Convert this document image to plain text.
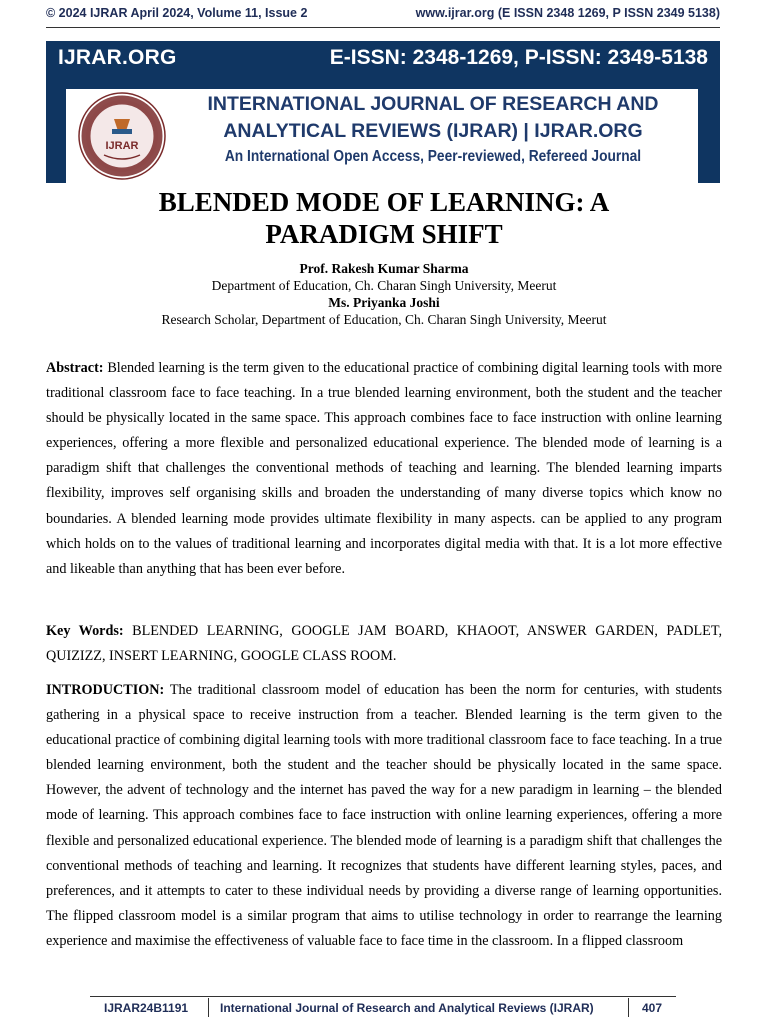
© 2024 IJRAR April 2024, Volume 11, Issue 2	www.ijrar.org (E ISSN 2348 1269, P ISSN 2349 5138)
IJRAR.ORG	E-ISSN: 2348-1269, P-ISSN: 2349-5138
IJRAR
INTERNATIONAL JOURNAL OF RESEARCH AND
ANALYTICAL REVIEWS (IJRAR) | IJRAR.ORG
An International Open Access, Peer-reviewed, Refereed Journal
BLENDED MODE OF LEARNING: A
PARADIGM SHIFT
Prof. Rakesh Kumar Sharma
Department of Education, Ch. Charan Singh University, Meerut
Ms. Priyanka Joshi
Research Scholar, Department of Education, Ch. Charan Singh University, Meerut
Abstract: Blended learning is the term given to the educational practice of combining digital learning tools with more traditional classroom face to face teaching. In a true blended learning environment, both the student and the teacher should be physically located in the same space. This approach combines face to face instruction with online learning experiences, offering a more flexible and personalized educational experience. The blended mode of learning is a paradigm shift that challenges the conventional methods of teaching and learning. The blended learning imparts flexibility, improves self organising skills and broaden the understanding of many diverse topics which know no boundaries. A blended learning mode provides ultimate flexibility in many aspects. can be applied to any program which holds on to the values of traditional learning and incorporates digital media with that. It is a lot more effective and likeable than anything that has been ever before.
Key Words: BLENDED LEARNING, GOOGLE JAM BOARD, KHAOOT, ANSWER GARDEN, PADLET, QUIZIZZ, INSERT LEARNING, GOOGLE CLASS ROOM.
INTRODUCTION: The traditional classroom model of education has been the norm for centuries, with students gathering in a physical space to receive instruction from a teacher. Blended learning is the term given to the educational practice of combining digital learning tools with more traditional classroom face to face teaching. In a true blended learning environment, both the student and the teacher should be physically located in the same space. However, the advent of technology and the internet has paved the way for a new paradigm in learning – the blended mode of learning. This approach combines face to face instruction with online learning experiences, offering a more flexible and personalized educational experience. The blended mode of learning is a paradigm shift that challenges the conventional methods of teaching and learning. It recognizes that students have different learning styles, paces, and preferences, and it attempts to cater to these individual needs by providing a diverse range of learning opportunities. The flipped classroom model is a similar program that aims to utilise technology in order to rearrange the learning experience and maximise the effectiveness of valuable face to face time in the classroom. In a flipped classroom
IJRAR24B1191	International Journal of Research and Analytical Reviews (IJRAR)	407
